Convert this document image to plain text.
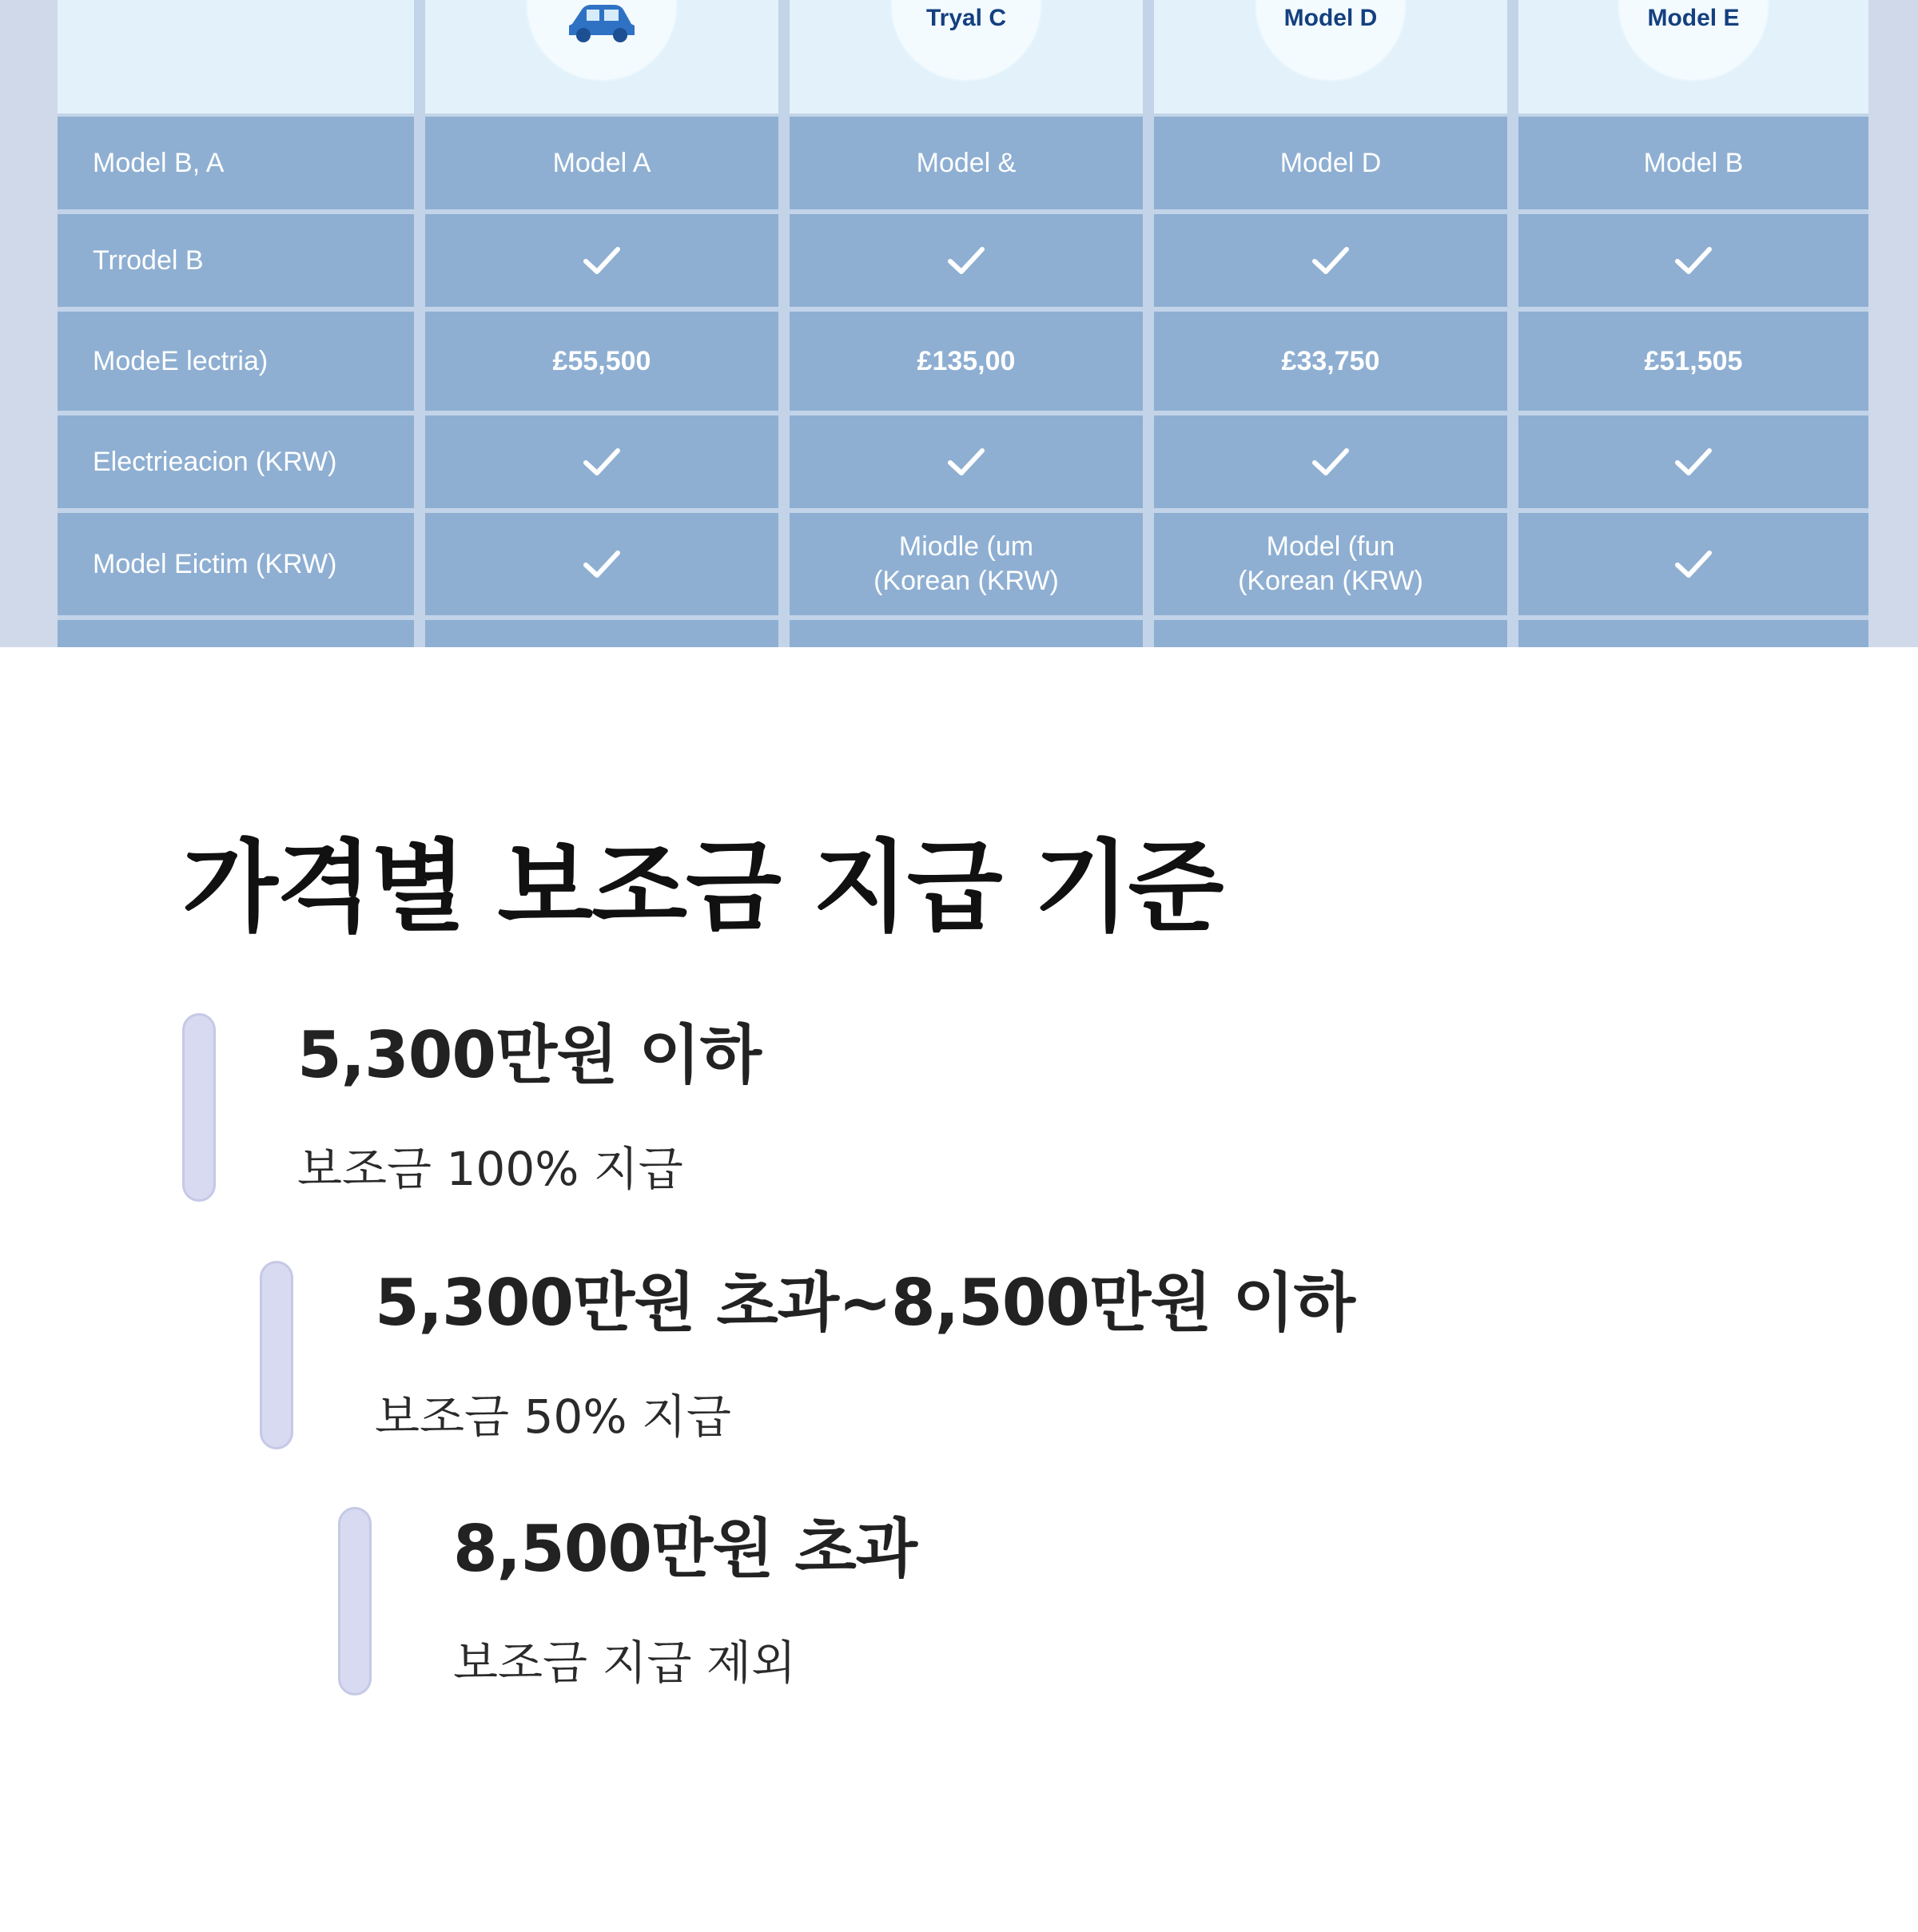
Model B, A
Trrodel B
ModeE lectria)
Electrieacion (KRW)
Model Eictim (KRW)
Model A
£55,500
Tryal C
Model &
£135,00
Miodle (um
(Korean (KRW)
Model D
Model D
£33,750
Model (fun
(Korean (KRW)
Model E
Model B
£51,505
가격별 보조금 지급 기준
5,300만원 이하

보조금 100% 지급

5,300만원 초과~8,500만원 이하

보조금 50% 지급

8,500만원 초과

보조금 지급 제외
